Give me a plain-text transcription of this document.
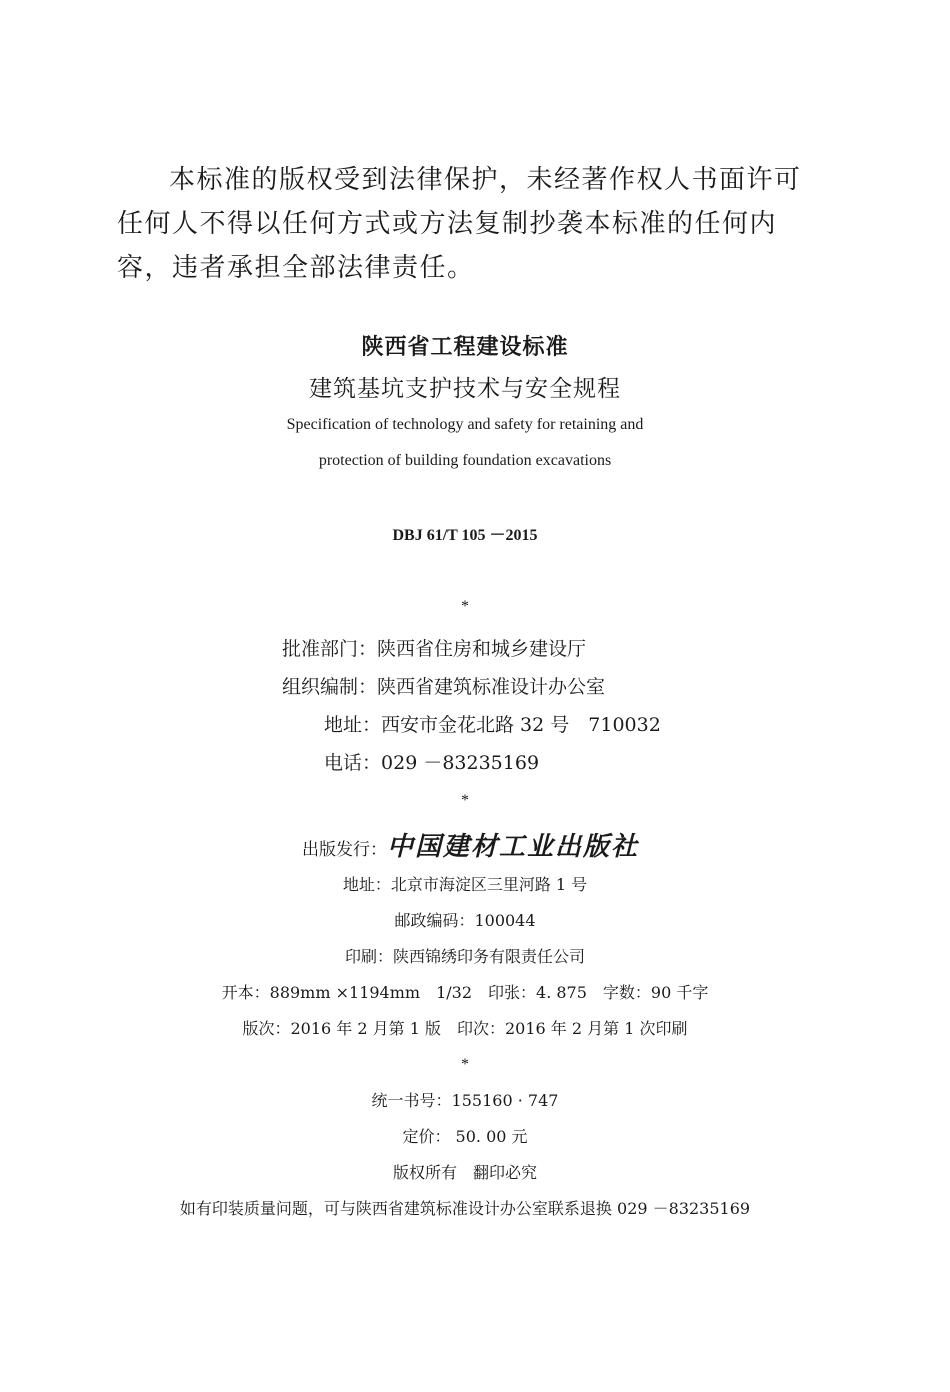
本标准的版权受到法律保护，未经著作权人书面许可任何人不得以任何方式或方法复制抄袭本标准的任何内容，违者承担全部法律责任。

陕西省工程建设标准
建筑基坑支护技术与安全规程
Specification of technology and safety for retaining and
protection of building foundation excavations
DBJ 61/T 105 －2015
*
批准部门：陕西省住房和城乡建设厅
组织编制：陕西省建筑标准设计办公室
地址：西安市金花北路 32 号　710032
电话：029 －83235169
*
出版发行：中国建材工业出版社
地址：北京市海淀区三里河路 1 号
邮政编码：100044
印刷：陕西锦绣印务有限责任公司
开本：889mm ×1194mm　1/32　印张：4. 875　字数：90 千字
版次：2016 年 2 月第 1 版　印次：2016 年 2 月第 1 次印刷
*
统一书号：155160 · 747
定价： 50. 00 元
版权所有　翻印必究
如有印装质量问题，可与陕西省建筑标准设计办公室联系退换 029 －83235169
